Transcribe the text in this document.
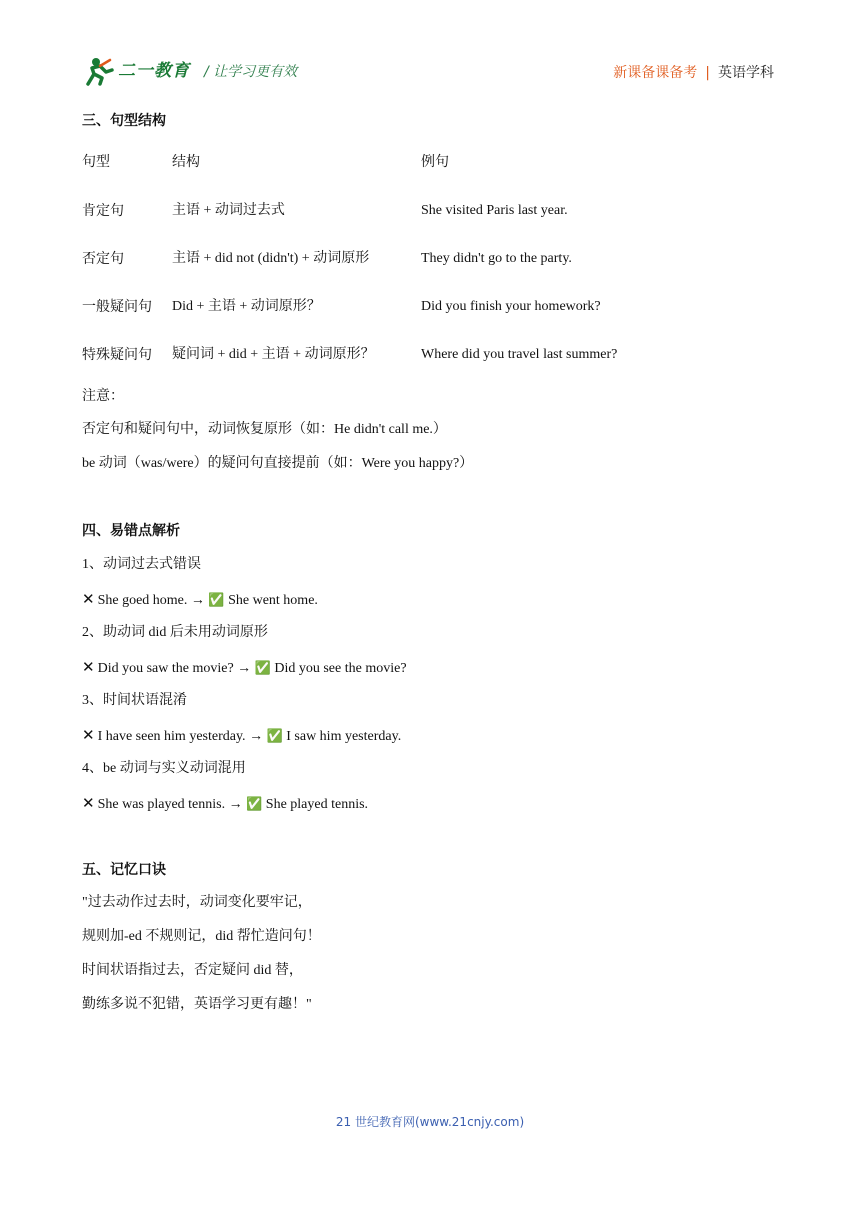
二一教育 / 让学习更有效	新课备课备考 | 英语学科
三、句型结构
句型	结构	例句
肯定句	主语 + 动词过去式	She visited Paris last year.
否定句	主语 + did not (didn't) + 动词原形	They didn't go to the party.
一般疑问句 Did + 主语 + 动词原形？	Did you finish your homework?
特殊疑问句 疑问词 + did + 主语 + 动词原形？	Where did you travel last summer?
注意：
否定句和疑问句中，动词恢复原形（如：He didn't call me.）
be 动词（was/were）的疑问句直接提前（如：Were you happy?）
四、易错点解析
1、动词过去式错误
✕ She goed home. → ✅ She went home.
2、助动词 did 后未用动词原形
✕ Did you saw the movie? → ✅ Did you see the movie?
3、时间状语混淆
✕ I have seen him yesterday. → ✅ I saw him yesterday.
4、be 动词与实义动词混用
✕ She was played tennis. → ✅ She played tennis.
五、记忆口诀
"过去动作过去时，动词变化要牢记，
规则加-ed 不规则记，did 帮忙造问句！
时间状语指过去，否定疑问 did 替，
勤练多说不犯错，英语学习更有趣！"
21 世纪教育网(www.21cnjy.com)
